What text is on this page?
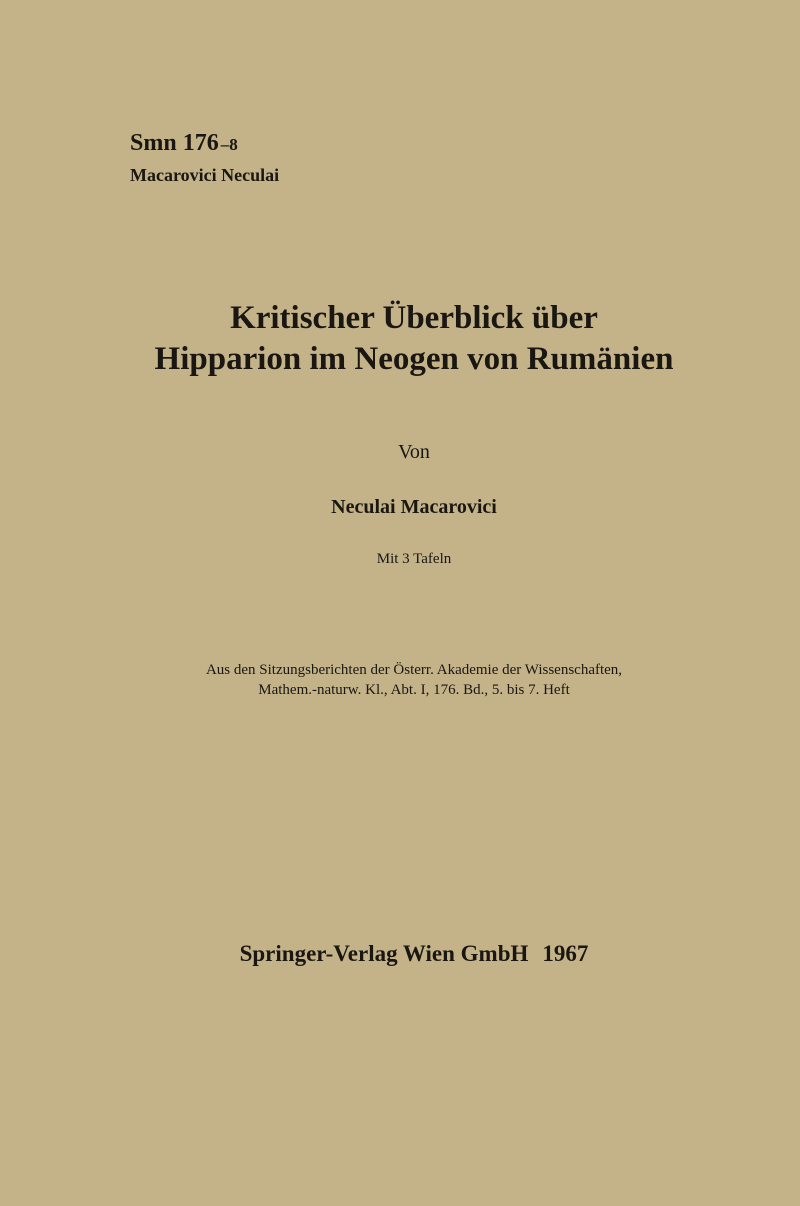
Smn 176 –8
Macarovici Neculai
Kritischer Überblick über
Hipparion im Neogen von Rumänien
Von
Neculai Macarovici
Mit 3 Tafeln
Aus den Sitzungsberichten der Österr. Akademie der Wissenschaften,
Mathem.-naturw. Kl., Abt. I, 176. Bd., 5. bis 7. Heft
Springer-Verlag Wien GmbH 1967
